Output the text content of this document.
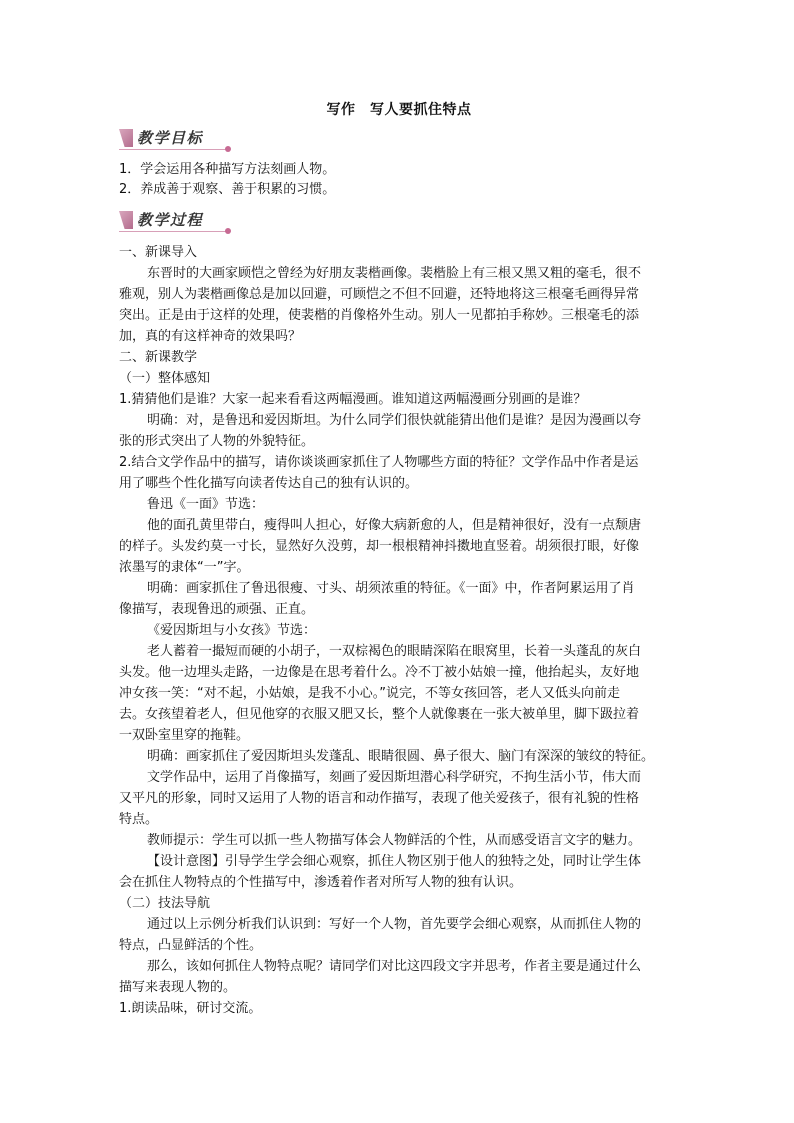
写作　写人要抓住特点
教学目标
1．学会运用各种描写方法刻画人物。
2．养成善于观察、善于积累的习惯。
教学过程
一、新课导入
东晋时的大画家顾恺之曾经为好朋友裴楷画像。裴楷脸上有三根又黑又粗的毫毛，很不
雅观，别人为裴楷画像总是加以回避，可顾恺之不但不回避，还特地将这三根毫毛画得异常
突出。正是由于这样的处理，使裴楷的肖像格外生动。别人一见都拍手称妙。三根毫毛的添
加，真的有这样神奇的效果吗？
二、新课教学
（一）整体感知
1.猜猜他们是谁？大家一起来看看这两幅漫画。谁知道这两幅漫画分别画的是谁？
明确：对，是鲁迅和爱因斯坦。为什么同学们很快就能猜出他们是谁？是因为漫画以夸
张的形式突出了人物的外貌特征。
2.结合文学作品中的描写，请你谈谈画家抓住了人物哪些方面的特征？文学作品中作者是运
用了哪些个性化描写向读者传达自己的独有认识的。
鲁迅《一面》节选：
他的面孔黄里带白，瘦得叫人担心，好像大病新愈的人，但是精神很好，没有一点颓唐
的样子。头发约莫一寸长，显然好久没剪，却一根根精神抖擞地直竖着。胡须很打眼，好像
浓墨写的隶体“一”字。
明确：画家抓住了鲁迅很瘦、寸头、胡须浓重的特征。《一面》中，作者阿累运用了肖
像描写，表现鲁迅的顽强、正直。
《爱因斯坦与小女孩》节选：
老人蓄着一撮短而硬的小胡子，一双棕褐色的眼睛深陷在眼窝里，长着一头蓬乱的灰白
头发。他一边埋头走路，一边像是在思考着什么。冷不丁被小姑娘一撞，他抬起头，友好地
冲女孩一笑：“对不起，小姑娘，是我不小心。”说完，不等女孩回答，老人又低头向前走
去。女孩望着老人，但见他穿的衣服又肥又长，整个人就像裹在一张大被单里，脚下趿拉着
一双卧室里穿的拖鞋。
明确：画家抓住了爱因斯坦头发蓬乱、眼睛很圆、鼻子很大、脑门有深深的皱纹的特征。
文学作品中，运用了肖像描写，刻画了爱因斯坦潜心科学研究，不拘生活小节，伟大而
又平凡的形象，同时又运用了人物的语言和动作描写，表现了他关爱孩子，很有礼貌的性格
特点。
教师提示：学生可以抓一些人物描写体会人物鲜活的个性，从而感受语言文字的魅力。
【设计意图】引导学生学会细心观察，抓住人物区别于他人的独特之处，同时让学生体
会在抓住人物特点的个性描写中，渗透着作者对所写人物的独有认识。
（二）技法导航
通过以上示例分析我们认识到：写好一个人物，首先要学会细心观察，从而抓住人物的
特点，凸显鲜活的个性。
那么，该如何抓住人物特点呢？请同学们对比这四段文字并思考，作者主要是通过什么
描写来表现人物的。
1.朗读品味，研讨交流。
